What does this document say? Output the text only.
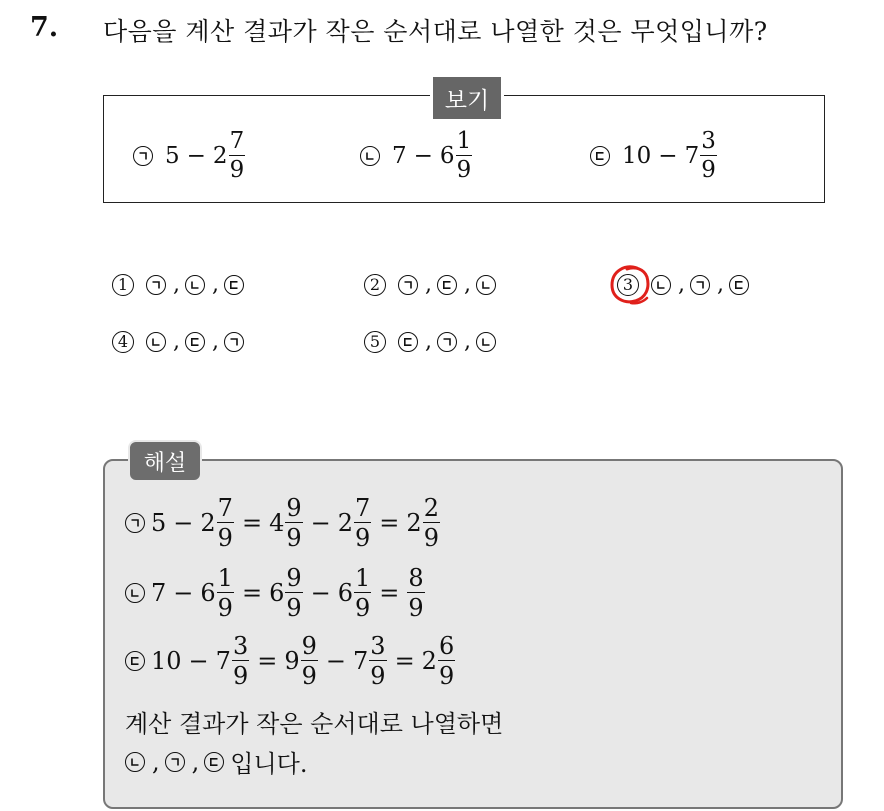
7. 다음을 계산 결과가 작은 순서대로 나열한 것은 무엇입니까?
보기
$5 - 2 \frac{7}{9}$	$7 - 6 \frac{1}{9}$	$10 - 7 \frac{3}{9}$
1 , ,	2 , ,	3 , ,
4 , ,	5 , ,
해설
$5 - 2 \frac{7}{9} = 4 \frac{9}{9} - 2 \frac{7}{9} = 2 \frac{2}{9}$
$7 - 6 \frac{1}{9} = 6 \frac{9}{9} - 6 \frac{1}{9} = \frac{8}{9}$
$10 - 7 \frac{3}{9} = 9 \frac{9}{9} - 7 \frac{3}{9} = 2 \frac{6}{9}$
계산 결과가 작은 순서대로 나열하면
, , 입니다.
